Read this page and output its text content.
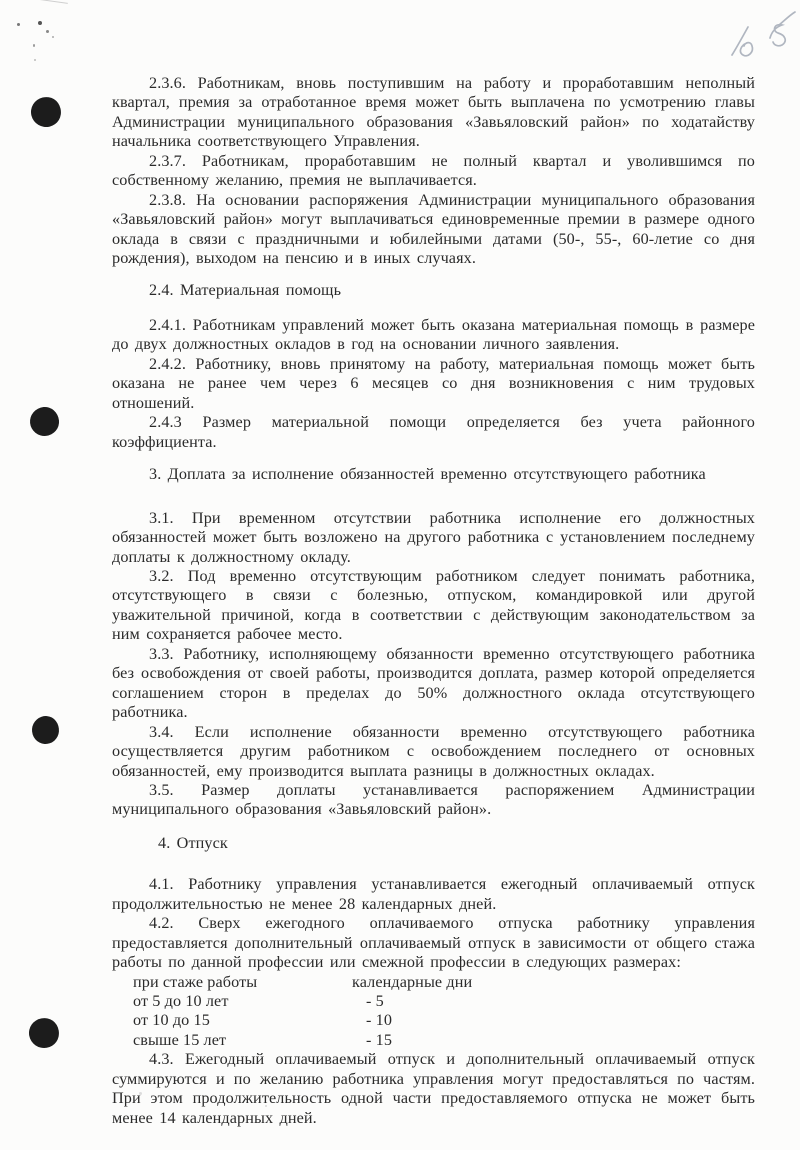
2.3.6. Работникам, вновь поступившим на работу и проработавшим неполный квартал, премия за отработанное время может быть выплачена по усмотрению главы Администрации муниципального образования «Завьяловский район» по ходатайству начальника соответствующего Управления.

2.3.7. Работникам, проработавшим не полный квартал и уволившимся по собственному желанию, премия не выплачивается.

2.3.8. На основании распоряжения Администрации муниципального образования «Завьяловский район» могут выплачиваться единовременные премии в размере одного оклада в связи с праздничными и юбилейными датами (50-, 55-, 60-летие со дня рождения), выходом на пенсию и в иных случаях.

2.4. Материальная помощь

2.4.1. Работникам управлений может быть оказана материальная помощь в размере до двух должностных окладов в год на основании личного заявления.

2.4.2. Работнику, вновь принятому на работу, материальная помощь может быть оказана не ранее чем через 6 месяцев со дня возникновения с ним трудовых отношений.

2.4.3 Размер материальной помощи определяется без учета районного коэффициента.

3. Доплата за исполнение обязанностей временно отсутствующего работника

3.1. При временном отсутствии работника исполнение его должностных обязанностей может быть возложено на другого работника с установлением последнему доплаты к должностному окладу.

3.2. Под временно отсутствующим работником следует понимать работника, отсутствующего в связи с болезнью, отпуском, командировкой или другой уважительной причиной, когда в соответствии с действующим законодательством за ним сохраняется рабочее место.

3.3. Работнику, исполняющему обязанности временно отсутствующего работника без освобождения от своей работы, производится доплата, размер которой определяется соглашением сторон в пределах до 50% должностного оклада отсутствующего работника.

3.4. Если исполнение обязанности временно отсутствующего работника осуществляется другим работником с освобождением последнего от основных обязанностей, ему производится выплата разницы в должностных окладах.

3.5. Размер доплаты устанавливается распоряжением Администрации муниципального образования «Завьяловский район».

4. Отпуск

4.1. Работнику управления устанавливается ежегодный оплачиваемый отпуск продолжительностью не менее 28 календарных дней.

4.2. Сверх ежегодного оплачиваемого отпуска работнику управления предоставляется дополнительный оплачиваемый отпуск в зависимости от общего стажа работы по данной профессии или смежной профессии в следующих размерах:

при стаже работы	календарные дни
от 5 до 10 лет	- 5
от 10 до 15	- 10
свыше 15 лет	- 15

4.3. Ежегодный оплачиваемый отпуск и дополнительный оплачиваемый отпуск суммируются и по желанию работника управления могут предоставляться по частям. При этом продолжительность одной части предоставляемого отпуска не может быть менее 14 календарных дней.
